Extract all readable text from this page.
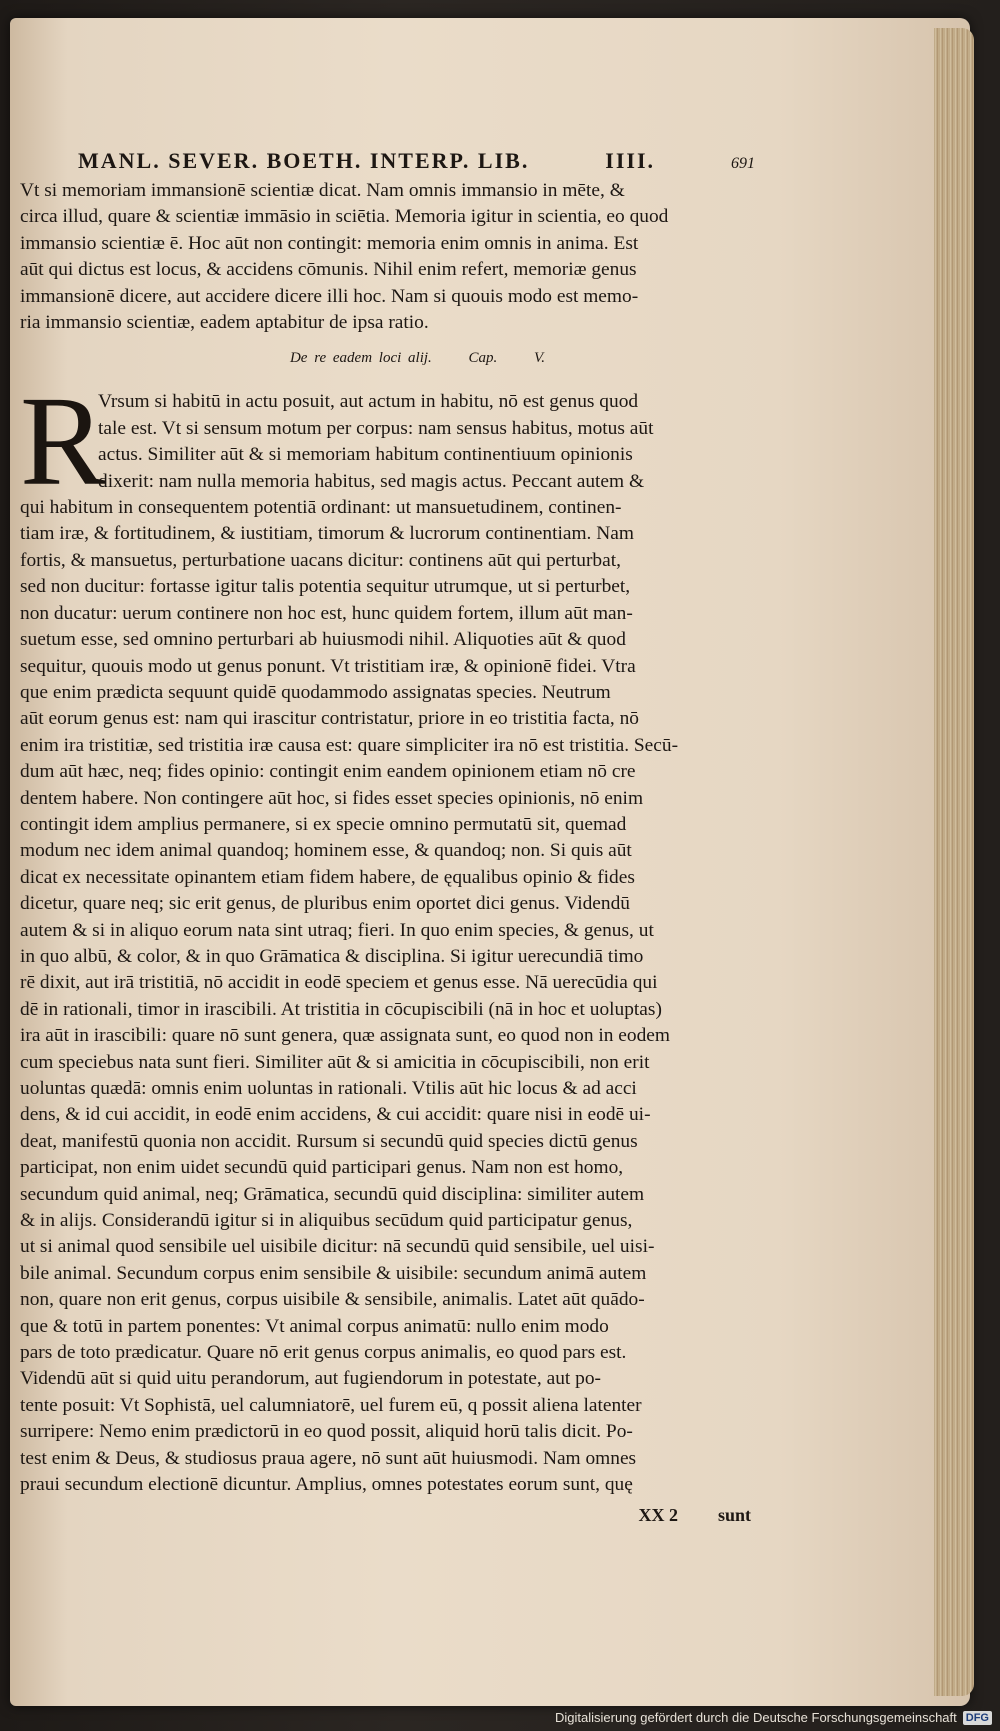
MANL. SEVER. BOETH. INTERP. LIB.	IIII.	691

Vt si memoriam immansionē scientiæ dicat. Nam omnis immansio in mēte, &
circa illud, quare & scientiæ immāsio in sciētia. Memoria igitur in scientia, eo quod
immansio scientiæ ē. Hoc aūt non contingit: memoria enim omnis in anima. Est
aūt qui dictus est locus, & accidens cōmunis. Nihil enim refert, memoriæ genus
immansionē dicere, aut accidere dicere illi hoc. Nam si quouis modo est memo-
ria immansio scientiæ, eadem aptabitur de ipsa ratio.

De re eadem loci alij. Cap. V.
R

Vrsum si habitū in actu posuit, aut actum in habitu, nō est genus quod
tale est. Vt si sensum motum per corpus: nam sensus habitus, motus aūt
actus. Similiter aūt & si memoriam habitum continentiuum opinionis
dixerit: nam nulla memoria habitus, sed magis actus. Peccant autem &
qui habitum in consequentem potentiā ordinant: ut mansuetudinem, continen-
tiam iræ, & fortitudinem, & iustitiam, timorum & lucrorum continentiam. Nam
fortis, & mansuetus, perturbatione uacans dicitur: continens aūt qui perturbat,
sed non ducitur: fortasse igitur talis potentia sequitur utrumque, ut si perturbet,
non ducatur: uerum continere non hoc est, hunc quidem fortem, illum aūt man-
suetum esse, sed omnino perturbari ab huiusmodi nihil. Aliquoties aūt & quod
sequitur, quouis modo ut genus ponunt. Vt tristitiam iræ, & opinionē fidei. Vtra
que enim prædicta sequunt quidē quodammodo assignatas species. Neutrum
aūt eorum genus est: nam qui irascitur contristatur, priore in eo tristitia facta, nō
enim ira tristitiæ, sed tristitia iræ causa est: quare simpliciter ira nō est tristitia. Secū-
dum aūt hæc, neq; fides opinio: contingit enim eandem opinionem etiam nō cre
dentem habere. Non contingere aūt hoc, si fides esset species opinionis, nō enim
contingit idem amplius permanere, si ex specie omnino permutatū sit, quemad
modum nec idem animal quandoq; hominem esse, & quandoq; non. Si quis aūt
dicat ex necessitate opinantem etiam fidem habere, de ęqualibus opinio & fides
dicetur, quare neq; sic erit genus, de pluribus enim oportet dici genus. Videndū
autem & si in aliquo eorum nata sint utraq; fieri. In quo enim species, & genus, ut
in quo albū, & color, & in quo Grāmatica & disciplina. Si igitur uerecundiā timo
rē dixit, aut irā tristitiā, nō accidit in eodē speciem et genus esse. Nā uerecūdia qui
dē in rationali, timor in irascibili. At tristitia in cōcupiscibili (nā in hoc et uoluptas)
ira aūt in irascibili: quare nō sunt genera, quæ assignata sunt, eo quod non in eodem
cum speciebus nata sunt fieri. Similiter aūt & si amicitia in cōcupiscibili, non erit
uoluntas quædā: omnis enim uoluntas in rationali. Vtilis aūt hic locus & ad acci
dens, & id cui accidit, in eodē enim accidens, & cui accidit: quare nisi in eodē ui-
deat, manifestū quonia non accidit. Rursum si secundū quid species dictū genus
participat, non enim uidet secundū quid participari genus. Nam non est homo,
secundum quid animal, neq; Grāmatica, secundū quid disciplina: similiter autem
& in alijs. Considerandū igitur si in aliquibus secūdum quid participatur genus,
ut si animal quod sensibile uel uisibile dicitur: nā secundū quid sensibile, uel uisi-
bile animal. Secundum corpus enim sensibile & uisibile: secundum animā autem
non, quare non erit genus, corpus uisibile & sensibile, animalis. Latet aūt quādo-
que & totū in partem ponentes: Vt animal corpus animatū: nullo enim modo
pars de toto prædicatur. Quare nō erit genus corpus animalis, eo quod pars est.
Videndū aūt si quid uitu perandorum, aut fugiendorum in potestate, aut po-
tente posuit: Vt Sophistā, uel calumniatorē, uel furem eū, q possit aliena latenter
surripere: Nemo enim prædictorū in eo quod possit, aliquid horū talis dicit. Po-
test enim & Deus, & studiosus praua agere, nō sunt aūt huiusmodi. Nam omnes
praui secundum electionē dicuntur. Amplius, omnes potestates eorum sunt, quę

XX 2 sunt
Digitalisierung gefördert durch die Deutsche Forschungsgemeinschaft DFG
